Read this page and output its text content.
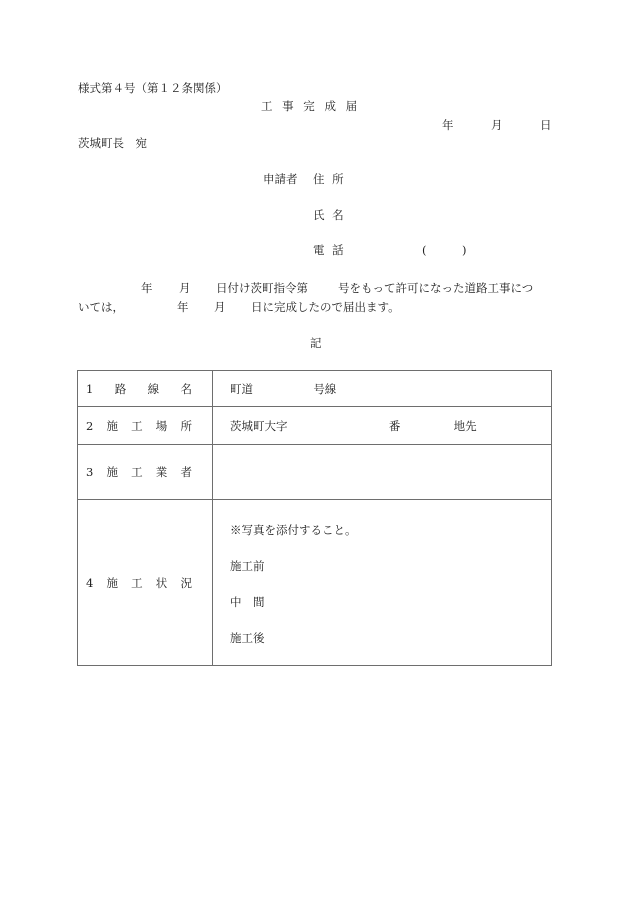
様式第４号（第１２条関係）
工 事 完 成 届
年	月	日
茨城町長　宛
申請者 住 所
氏 名
電 話	(	)
年 月 日付け茨町指令第	号をもって許可になった道路工事につ
いては，	年 月 日に完成したので届出ます。
記
1 路 線 名	町道 号線

2 施 工 場 所	茨城町大字 番 地先

3 施 工 業 者	

4 施 工 状 況

※写真を添付すること。
施工前
中　間
施工後
